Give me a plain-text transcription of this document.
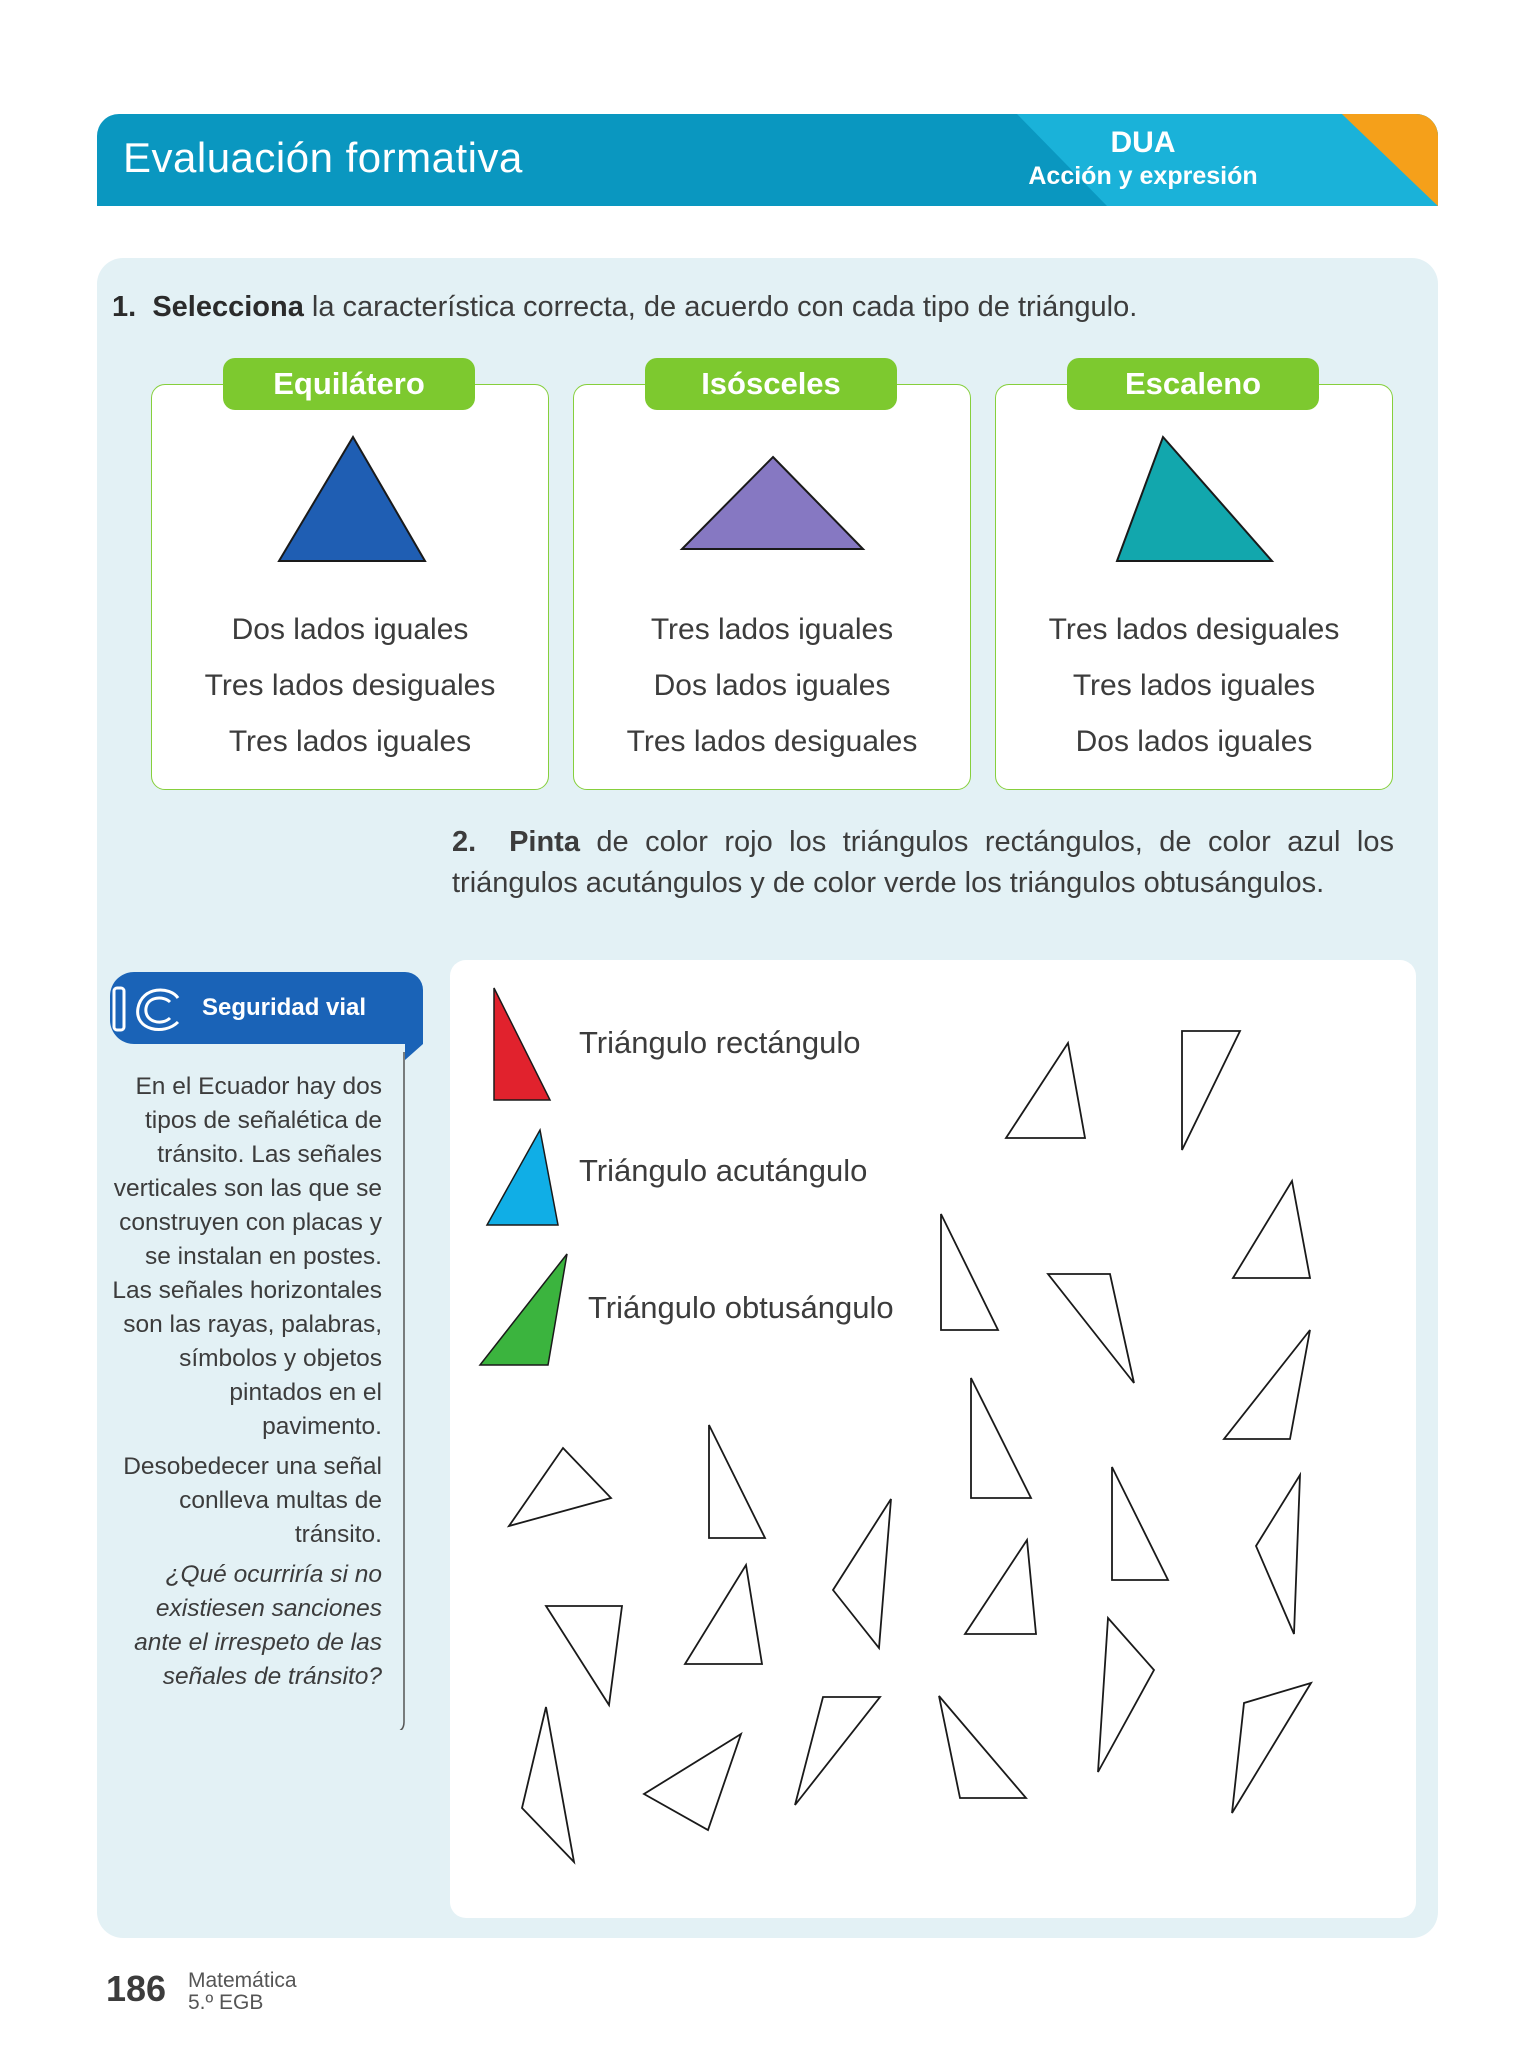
Evaluación formativa	DUA
Acción y expresión
1. Selecciona la característica correcta, de acuerdo con cada tipo de triángulo.
Dos lados iguales
Tres lados desiguales
Tres lados iguales
Equilátero
Tres lados iguales
Dos lados iguales
Tres lados desiguales
Isósceles
Tres lados desiguales
Tres lados iguales
Dos lados iguales
Escaleno
2. Pinta de color rojo los triángulos rectángulos, de color azul los triángulos acutángulos y de color verde los triángulos obtusángulos.
Triángulo rectángulo
Triángulo acutángulo
Triángulo obtusángulo
Seguridad vial

En el Ecuador hay dos tipos de señalética de tránsito. Las señales verticales son las que se construyen con placas y se instalan en postes. Las señales horizontales son las rayas, palabras, símbolos y objetos pintados en el pavimento.

Desobedecer una señal conlleva multas de tránsito.

¿Qué ocurriría si no existiesen sanciones ante el irrespeto de las señales de tránsito?

186 Matemática
5.º EGB
